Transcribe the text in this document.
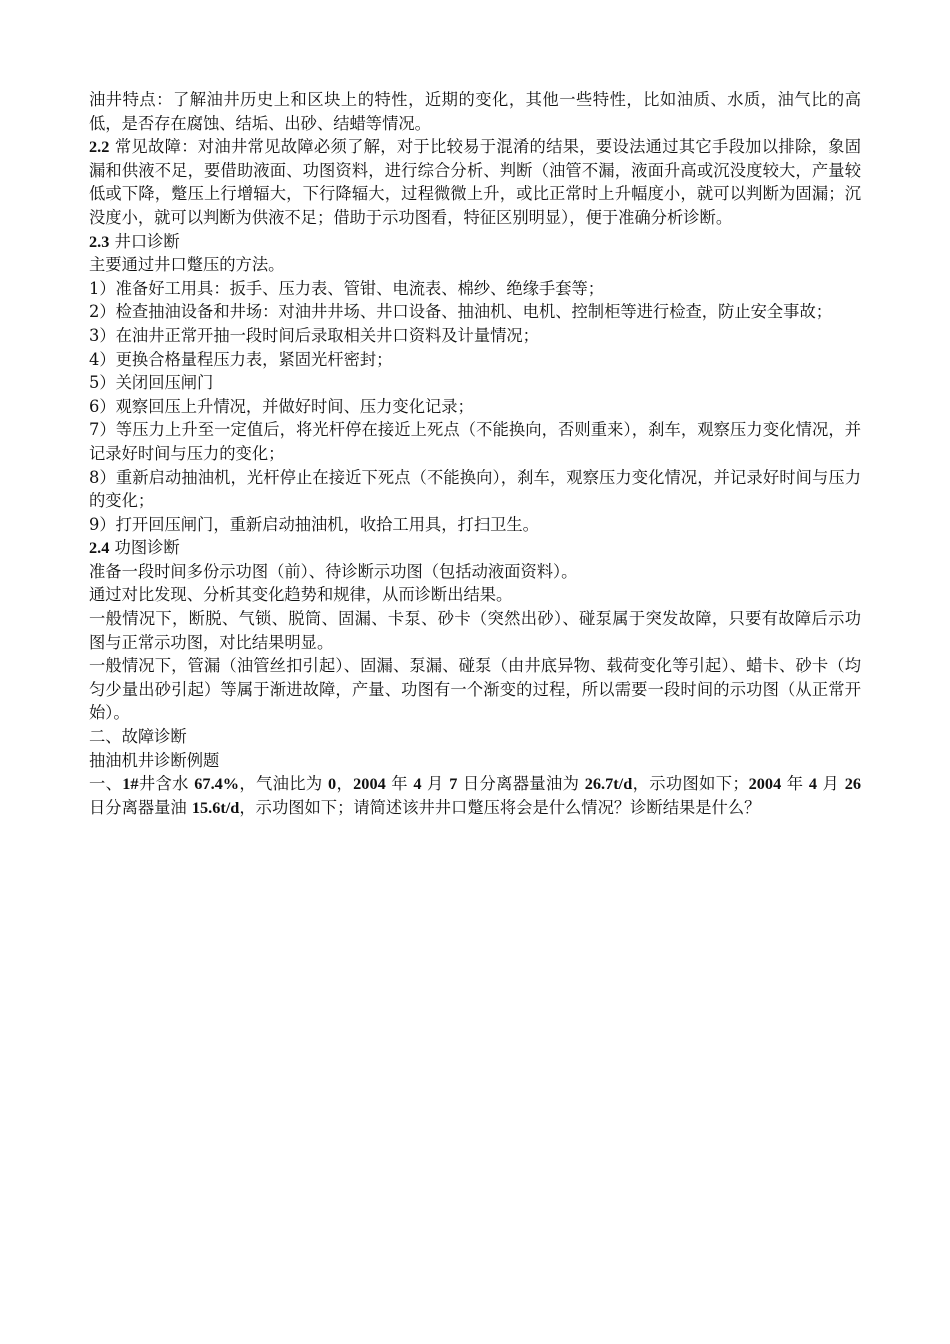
油井特点：了解油井历史上和区块上的特性，近期的变化，其他一些特性，比如油质、水质，油气比的高低，是否存在腐蚀、结垢、出砂、结蜡等情况。

2.2 常见故障：对油井常见故障必须了解，对于比较易于混淆的结果，要设法通过其它手段加以排除，象固漏和供液不足，要借助液面、功图资料，进行综合分析、判断（油管不漏，液面升高或沉没度较大，产量较低或下降，蹩压上行增辐大，下行降辐大，过程微微上升，或比正常时上升幅度小，就可以判断为固漏；沉没度小，就可以判断为供液不足；借助于示功图看，特征区别明显），便于准确分析诊断。

2.3 井口诊断

主要通过井口蹩压的方法。

1）准备好工用具：扳手、压力表、管钳、电流表、棉纱、绝缘手套等；

2）检查抽油设备和井场：对油井井场、井口设备、抽油机、电机、控制柜等进行检查，防止安全事故；

3）在油井正常开抽一段时间后录取相关井口资料及计量情况；

4）更换合格量程压力表，紧固光杆密封；

5）关闭回压闸门

6）观察回压上升情况，并做好时间、压力变化记录；

7）等压力上升至一定值后，将光杆停在接近上死点（不能换向，否则重来），刹车，观察压力变化情况，并记录好时间与压力的变化；

8）重新启动抽油机，光杆停止在接近下死点（不能换向），刹车，观察压力变化情况，并记录好时间与压力的变化；

9）打开回压闸门，重新启动抽油机，收拾工用具，打扫卫生。

2.4 功图诊断

准备一段时间多份示功图（前）、待诊断示功图（包括动液面资料）。

通过对比发现、分析其变化趋势和规律，从而诊断出结果。

一般情况下，断脱、气锁、脱筒、固漏、卡泵、砂卡（突然出砂）、碰泵属于突发故障，只要有故障后示功图与正常示功图，对比结果明显。

一般情况下，管漏（油管丝扣引起）、固漏、泵漏、碰泵（由井底异物、载荷变化等引起）、蜡卡、砂卡（均匀少量出砂引起）等属于渐进故障，产量、功图有一个渐变的过程，所以需要一段时间的示功图（从正常开始）。

二、故障诊断

抽油机井诊断例题

一、1#井含水 67.4%，气油比为 0，2004 年 4 月 7 日分离器量油为 26.7t/d，示功图如下；2004 年 4 月 26 日分离器量油 15.6t/d，示功图如下；请简述该井井口蹩压将会是什么情况？诊断结果是什么？
